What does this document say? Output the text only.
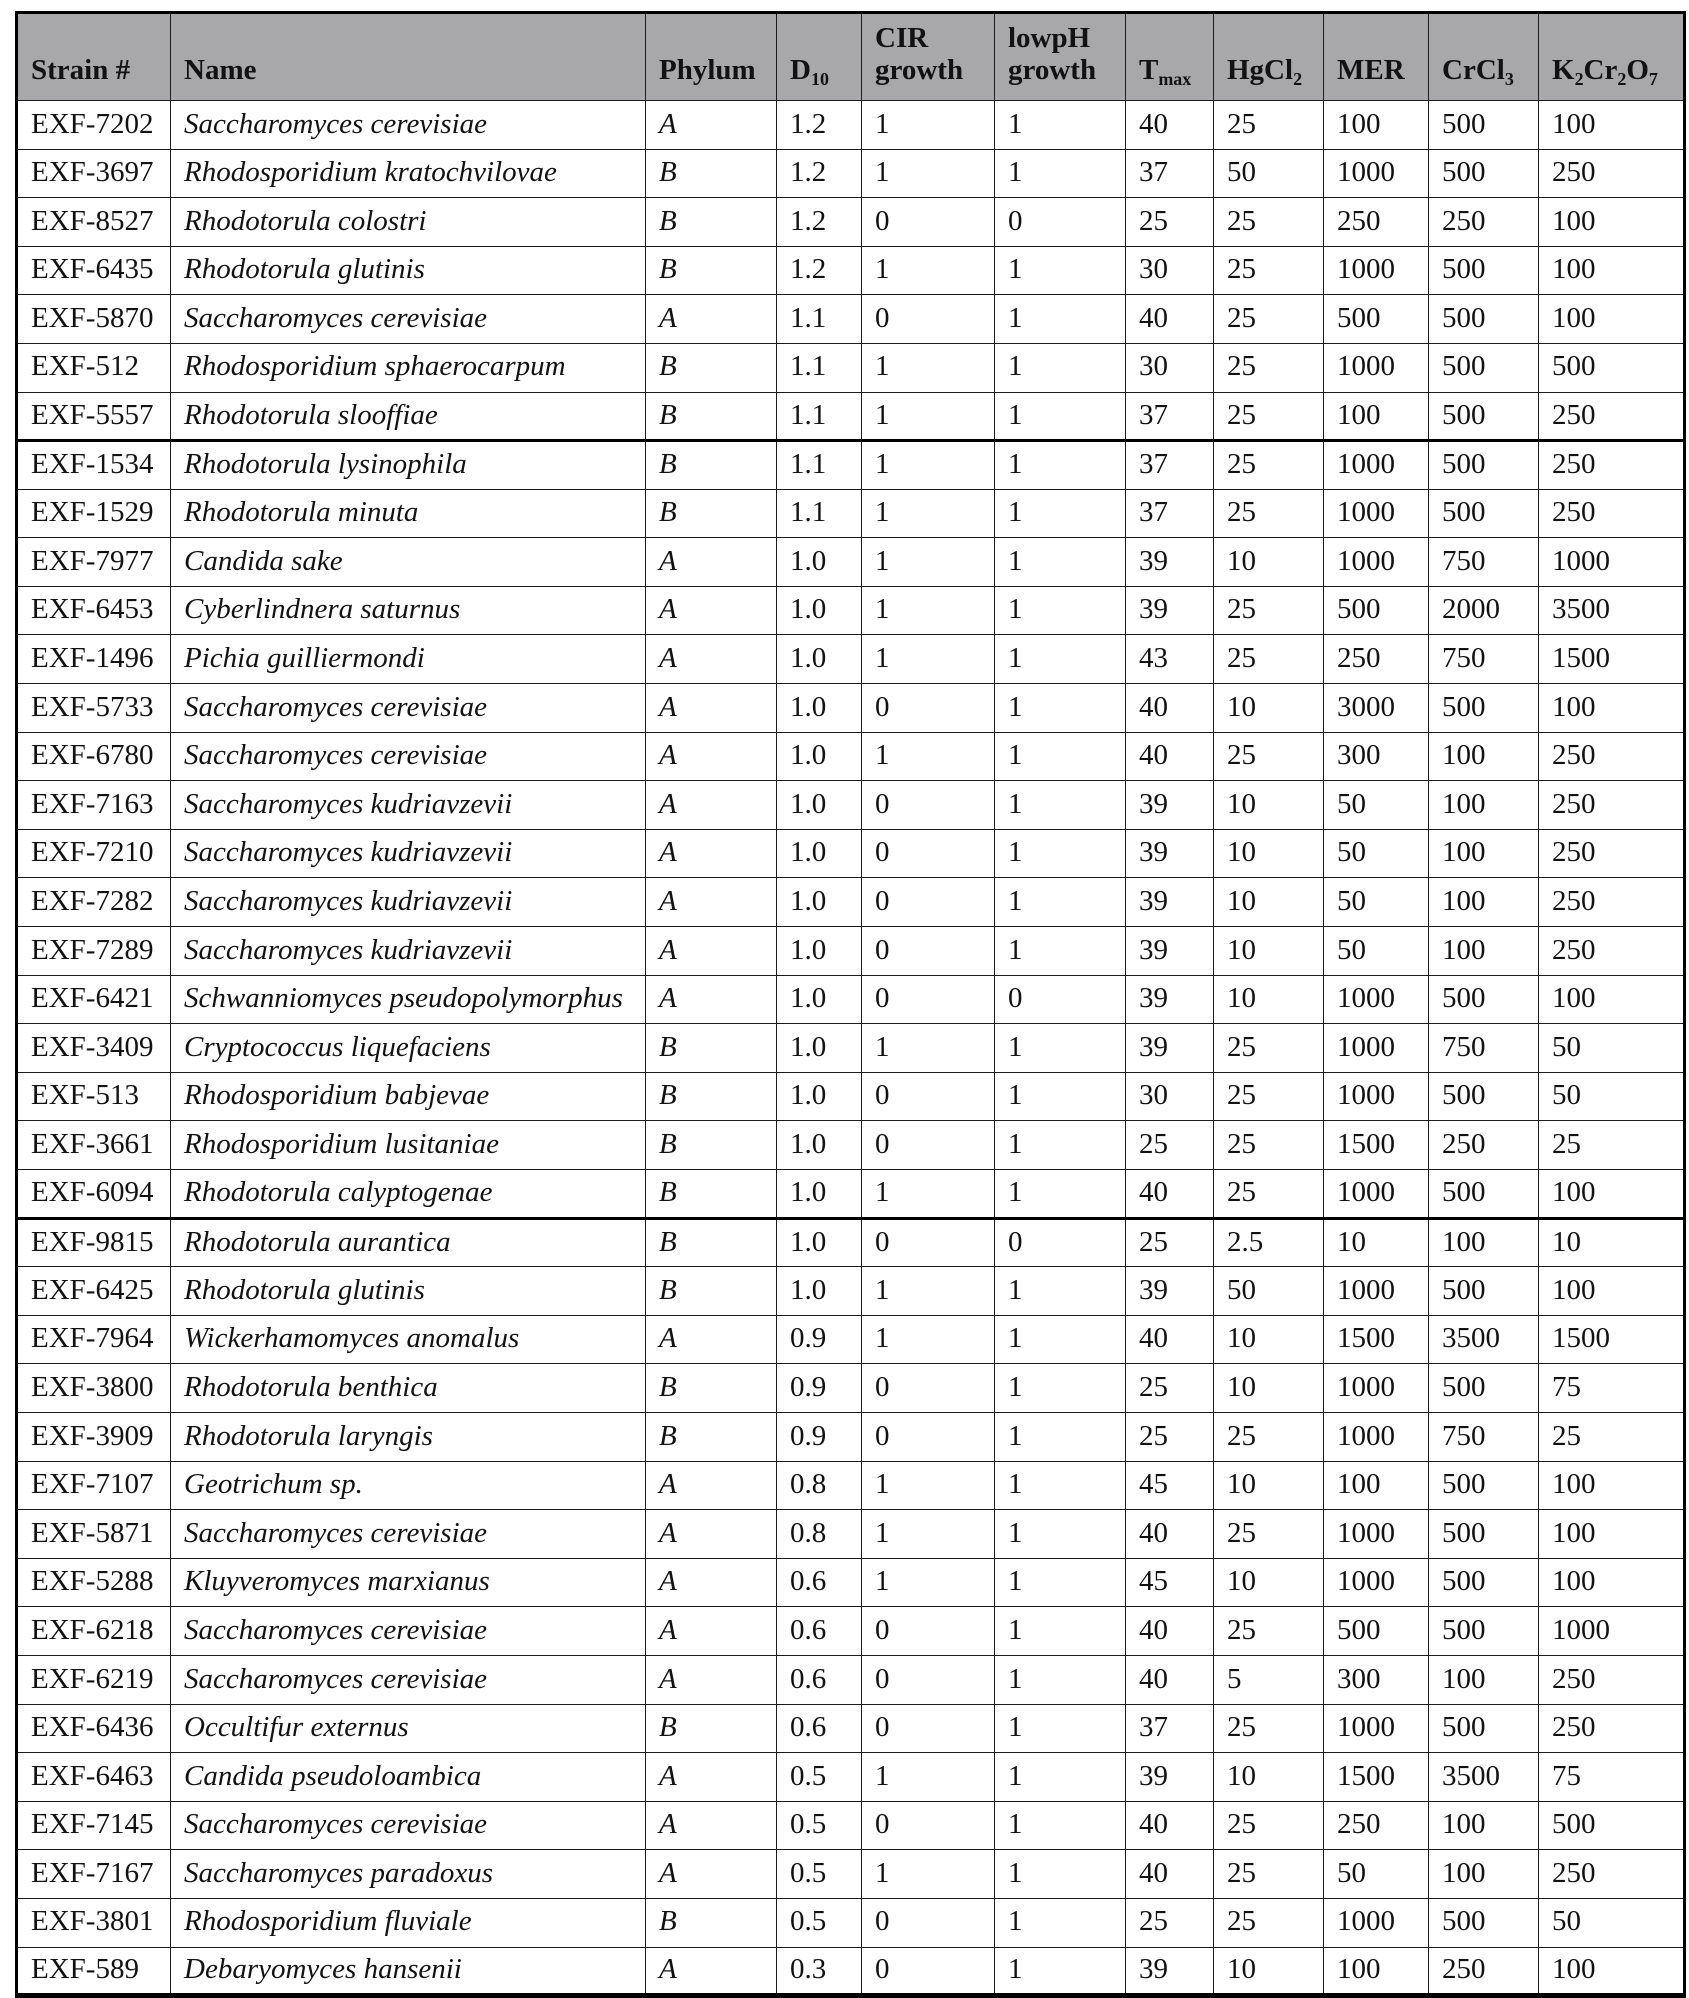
Strain #	Name	Phylum	$D_{10}$	CIR growth	lowpH growth	$T_{max}$	HgCl$_2$	MER	CrCl$_3$	$K_2Cr_2O_7$
EXF-7202	Saccharomyces cerevisiae	A	1.2	1	1	40	25	100	500	100
EXF-3697	Rhodosporidium kratochvilovae	B	1.2	1	1	37	50	1000	500	250
EXF-8527	Rhodotorula colostri	B	1.2	0	0	25	25	250	250	100
EXF-6435	Rhodotorula glutinis	B	1.2	1	1	30	25	1000	500	100
EXF-5870	Saccharomyces cerevisiae	A	1.1	0	1	40	25	500	500	100
EXF-512	Rhodosporidium sphaerocarpum	B	1.1	1	1	30	25	1000	500	500
EXF-5557	Rhodotorula slooffiae	B	1.1	1	1	37	25	100	500	250
EXF-1534	Rhodotorula lysinophila	B	1.1	1	1	37	25	1000	500	250
EXF-1529	Rhodotorula minuta	B	1.1	1	1	37	25	1000	500	250
EXF-7977	Candida sake	A	1.0	1	1	39	10	1000	750	1000
EXF-6453	Cyberlindnera saturnus	A	1.0	1	1	39	25	500	2000	3500
EXF-1496	Pichia guilliermondi	A	1.0	1	1	43	25	250	750	1500
EXF-5733	Saccharomyces cerevisiae	A	1.0	0	1	40	10	3000	500	100
EXF-6780	Saccharomyces cerevisiae	A	1.0	1	1	40	25	300	100	250
EXF-7163	Saccharomyces kudriavzevii	A	1.0	0	1	39	10	50	100	250
EXF-7210	Saccharomyces kudriavzevii	A	1.0	0	1	39	10	50	100	250
EXF-7282	Saccharomyces kudriavzevii	A	1.0	0	1	39	10	50	100	250
EXF-7289	Saccharomyces kudriavzevii	A	1.0	0	1	39	10	50	100	250
EXF-6421	Schwanniomyces pseudopolymorphus	A	1.0	0	0	39	10	1000	500	100
EXF-3409	Cryptococcus liquefaciens	B	1.0	1	1	39	25	1000	750	50
EXF-513	Rhodosporidium babjevae	B	1.0	0	1	30	25	1000	500	50
EXF-3661	Rhodosporidium lusitaniae	B	1.0	0	1	25	25	1500	250	25
EXF-6094	Rhodotorula calyptogenae	B	1.0	1	1	40	25	1000	500	100
EXF-9815	Rhodotorula aurantica	B	1.0	0	0	25	2.5	10	100	10
EXF-6425	Rhodotorula glutinis	B	1.0	1	1	39	50	1000	500	100
EXF-7964	Wickerhamomyces anomalus	A	0.9	1	1	40	10	1500	3500	1500
EXF-3800	Rhodotorula benthica	B	0.9	0	1	25	10	1000	500	75
EXF-3909	Rhodotorula laryngis	B	0.9	0	1	25	25	1000	750	25
EXF-7107	Geotrichum sp.	A	0.8	1	1	45	10	100	500	100
EXF-5871	Saccharomyces cerevisiae	A	0.8	1	1	40	25	1000	500	100
EXF-5288	Kluyveromyces marxianus	A	0.6	1	1	45	10	1000	500	100
EXF-6218	Saccharomyces cerevisiae	A	0.6	0	1	40	25	500	500	1000
EXF-6219	Saccharomyces cerevisiae	A	0.6	0	1	40	5	300	100	250
EXF-6436	Occultifur externus	B	0.6	0	1	37	25	1000	500	250
EXF-6463	Candida pseudoloambica	A	0.5	1	1	39	10	1500	3500	75
EXF-7145	Saccharomyces cerevisiae	A	0.5	0	1	40	25	250	100	500
EXF-7167	Saccharomyces paradoxus	A	0.5	1	1	40	25	50	100	250
EXF-3801	Rhodosporidium fluviale	B	0.5	0	1	25	25	1000	500	50
EXF-589	Debaryomyces hansenii	A	0.3	0	1	39	10	100	250	100
